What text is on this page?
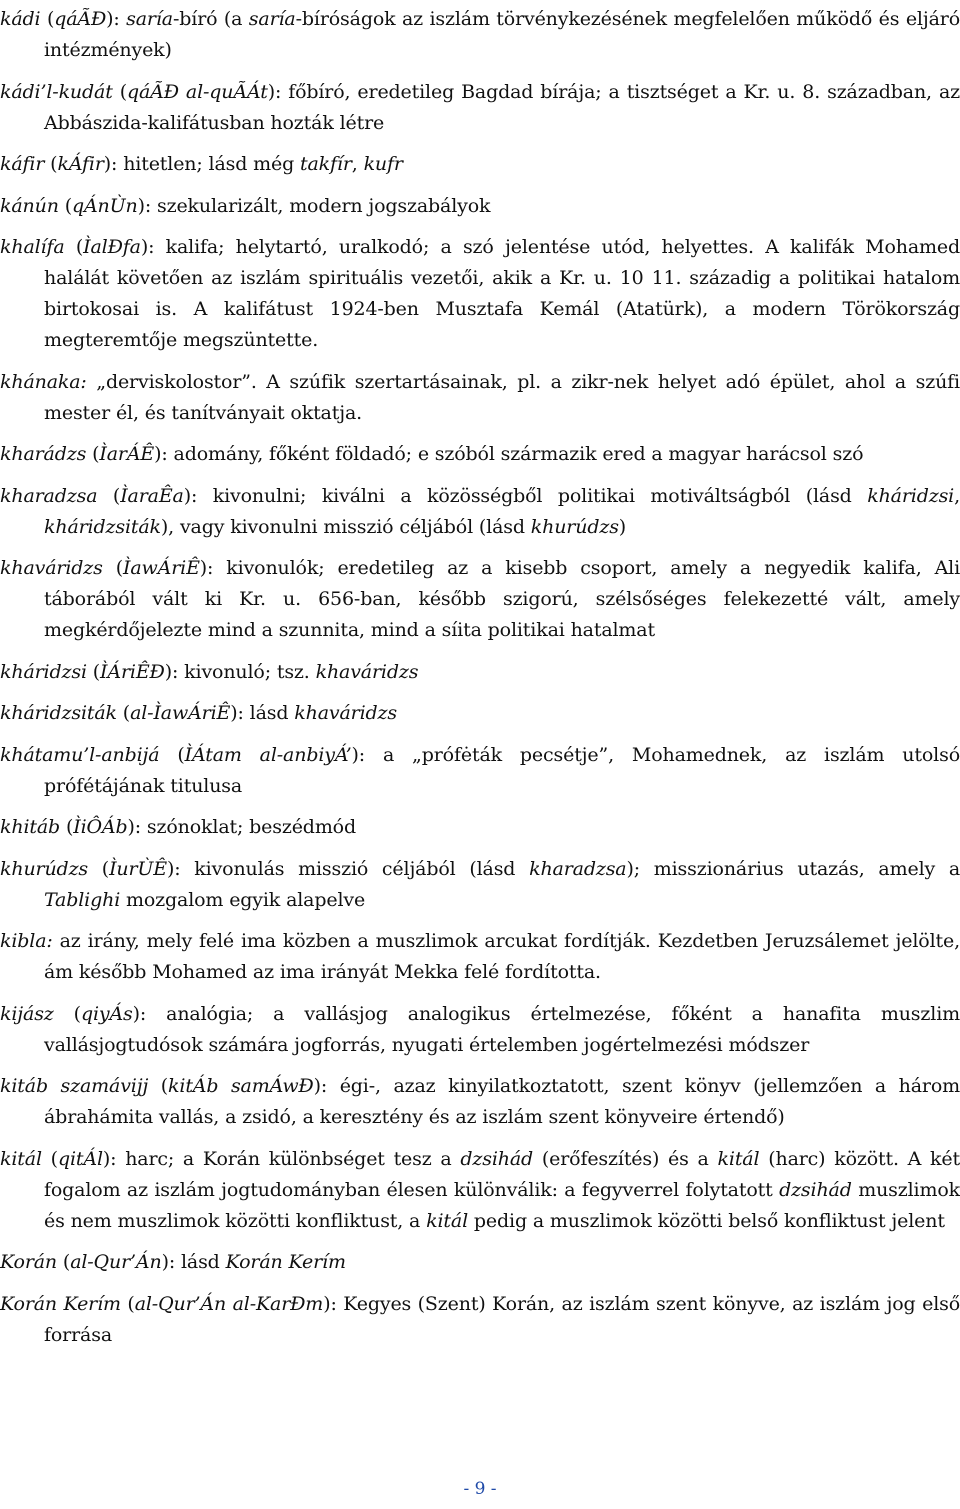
kádi (qáÃĐ): saría-bíró (a saría-bíróságok az iszlám törvénykezésének megfelelően működő és eljáró intézmények)

kádi’l-kudát (qáÃĐ al-quÃÁt): főbíró, eredetileg Bagdad bírája; a tisztséget a Kr. u. 8. században, az Abbászida-kalifátusban hozták létre

káfir (kÁfir): hitetlen; lásd még takfír, kufr

kánún (qÁnÙn): szekularizált, modern jogszabályok

khalífa (ÌalĐfa): kalifa; helytartó, uralkodó; a szó jelentése utód, helyettes. A kalifák Mohamed halálát követően az iszlám spirituális vezetői, akik a Kr. u. 10 11. századig a politikai hatalom birtokosai is. A kalifátust 1924-ben Musztafa Kemál (Atatürk), a modern Törökország megteremtője megszüntette.

khánaka: „derviskolostor”. A szúfik szertartásainak, pl. a zikr-nek helyet adó épület, ahol a szúfi mester él, és tanítványait oktatja.

kharádzs (ÌarÁÊ): adomány, főként földadó; e szóból származik ered a magyar harácsol szó

kharadzsa (ÌaraÊa): kivonulni; kiválni a közösségből politikai motiváltságból (lásd kháridzsi, kháridzsiták), vagy kivonulni misszió céljából (lásd khurúdzs)

khaváridzs (ÌawÁriÊ): kivonulók; eredetileg az a kisebb csoport, amely a negyedik kalifa, Ali táborából vált ki Kr. u. 656-ban, később szigorú, szélsőséges felekezetté vált, amely megkérdőjelezte mind a szunnita, mind a síita politikai hatalmat

kháridzsi (ÌÁriÊĐ): kivonuló; tsz. khaváridzs

kháridzsiták (al-ÌawÁriÊ): lásd khaváridzs

khátamu’l-anbijá (ÌÁtam al-anbiyÁ’): a „prófėták pecsétje”, Mohamednek, az iszlám utolsó prófétájának titulusa

khitáb (ÌiÔÁb): szónoklat; beszédmód

khurúdzs (ÌurÙÊ): kivonulás misszió céljából (lásd kharadzsa); misszionárius utazás, amely a Tablighi mozgalom egyik alapelve

kibla: az irány, mely felé ima közben a muszlimok arcukat fordítják. Kezdetben Jeruzsálemet jelölte, ám később Mohamed az ima irányát Mekka felé fordította.

kijász (qiyÁs): analógia; a vallásjog analogikus értelmezése, főként a hanafita muszlim vallásjogtudósok számára jogforrás, nyugati értelemben jogértelmezési módszer

kitáb szamávijj (kitÁb samÁwĐ): égi-, azaz kinyilatkoztatott, szent könyv (jellemzően a három ábrahámita vallás, a zsidó, a keresztény és az iszlám szent könyveire értendő)

kitál (qitÁl): harc; a Korán különbséget tesz a dzsihád (erőfeszítés) és a kitál (harc) között. A két fogalom az iszlám jogtudományban élesen különválik: a fegyverrel folytatott dzsihád muszlimok és nem muszlimok közötti konfliktust, a kitál pedig a muszlimok közötti belső konfliktust jelent

Korán (al-Qur’Án): lásd Korán Kerím

Korán Kerím (al-Qur’Án al-KarĐm): Kegyes (Szent) Korán, az iszlám szent könyve, az iszlám jog első forrása

- 9 -
